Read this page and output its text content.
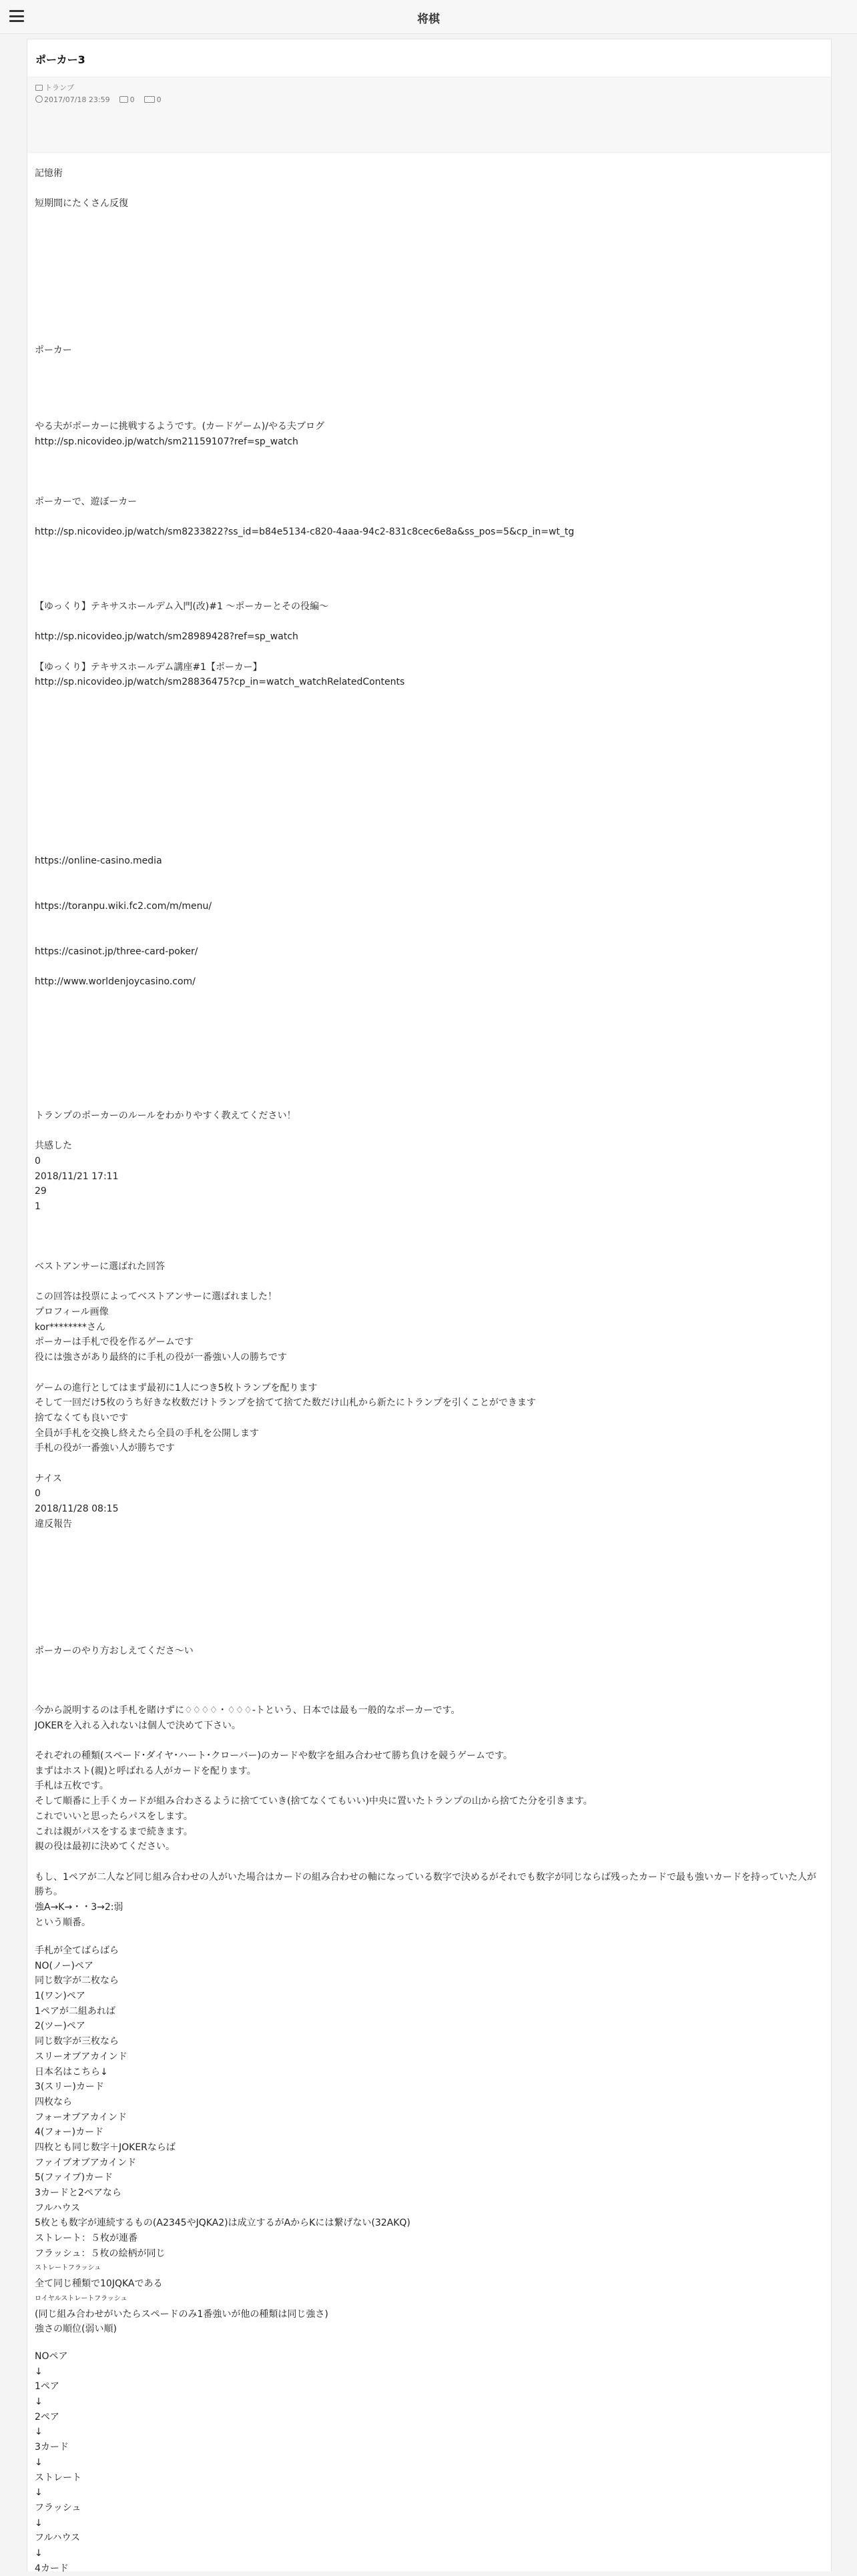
将棋
ポーカー3
トランプ
2017/07/18 23:59	0	0
記憶術
短期間にたくさん反復
ポーカー
やる夫がポーカーに挑戦するようです。(カードゲーム)/やる夫ブログ
http://sp.nicovideo.jp/watch/sm21159107?ref=sp_watch
ポーカーで、遊ぼーカー
http://sp.nicovideo.jp/watch/sm8233822?ss_id=b84e5134-c820-4aaa-94c2-831c8cec6e8a&ss_pos=5&cp_in=wt_tg
【ゆっくり】テキサスホールデム入門(改)#1 〜ポーカーとその役編〜
http://sp.nicovideo.jp/watch/sm28989428?ref=sp_watch
【ゆっくり】テキサスホールデム講座#1【ポーカー】
http://sp.nicovideo.jp/watch/sm28836475?cp_in=watch_watchRelatedContents
https://online-casino.media
https://toranpu.wiki.fc2.com/m/menu/
https://casinot.jp/three-card-poker/
http://www.worldenjoycasino.com/
トランプのポーカーのルールをわかりやすく教えてください！
共感した
0
2018/11/21 17:11
29
1
ベストアンサーに選ばれた回答
この回答は投票によってベストアンサーに選ばれました！
プロフィール画像
kor********さん
ポーカーは手札で役を作るゲームです
役には強さがあり最終的に手札の役が一番強い人の勝ちです
ゲームの進行としてはまず最初に1人につき5枚トランプを配ります
そして一回だけ5枚のうち好きな枚数だけトランプを捨てて捨てた数だけ山札から新たにトランプを引くことができます
捨てなくても良いです
全員が手札を交換し終えたら全員の手札を公開します
手札の役が一番強い人が勝ちです
ナイス
0
2018/11/28 08:15
違反報告
ポーカーのやり方おしえてくださ〜い
今から説明するのは手札を賭けずに♢♢♢♢・♢♢♢-トという、日本では最も一般的なポーカーです。
JOKERを入れる入れないは個人で決めて下さい。
それぞれの種類(スペード･ダイヤ･ハート･クローバー)のカードや数字を組み合わせて勝ち負けを競うゲームです。
まずはホスト(親)と呼ばれる人がカードを配ります。
手札は五枚です。
そして順番に上手くカードが組み合わさるように捨てていき(捨てなくてもいい)中央に置いたトランプの山から捨てた分を引きます。
これでいいと思ったらパスをします。
これは親がパスをするまで続きます。
親の役は最初に決めてください。
もし、1ペアが二人など同じ組み合わせの人がいた場合はカードの組み合わせの軸になっている数字で決めるがそれでも数字が同じならば残ったカードで最も強いカードを持っていた人が
勝ち。
強A→K→・・3→2:弱
という順番。
手札が全てばらばら
NO(ノー)ペア
同じ数字が二枚なら
1(ワン)ペア
1ペアが二組あれば
2(ツー)ペア
同じ数字が三枚なら
スリーオブアカインド
日本名はこちら↓
3(スリー)カード
四枚なら
フォーオブアカインド
4(フォー)カード
四枚とも同じ数字＋JOKERならば
ファイブオブアカインド
5(ファイブ)カード
3カードと2ペアなら
フルハウス
5枚とも数字が連続するもの(A2345やJQKA2)は成立するがAからKには繋げない(32AKQ)
ストレート：５枚が連番
フラッシュ：５枚の絵柄が同じ
ストレートフラッシュ
全て同じ種類で10JQKAである
ロイヤルストレートフラッシュ
(同じ組み合わせがいたらスペードのみ1番強いが他の種類は同じ強さ)
強さの順位(弱い順)
NOペア
↓
1ペア
↓
2ペア
↓
3カード
↓
ストレート
↓
フラッシュ
↓
フルハウス
↓
4カード
